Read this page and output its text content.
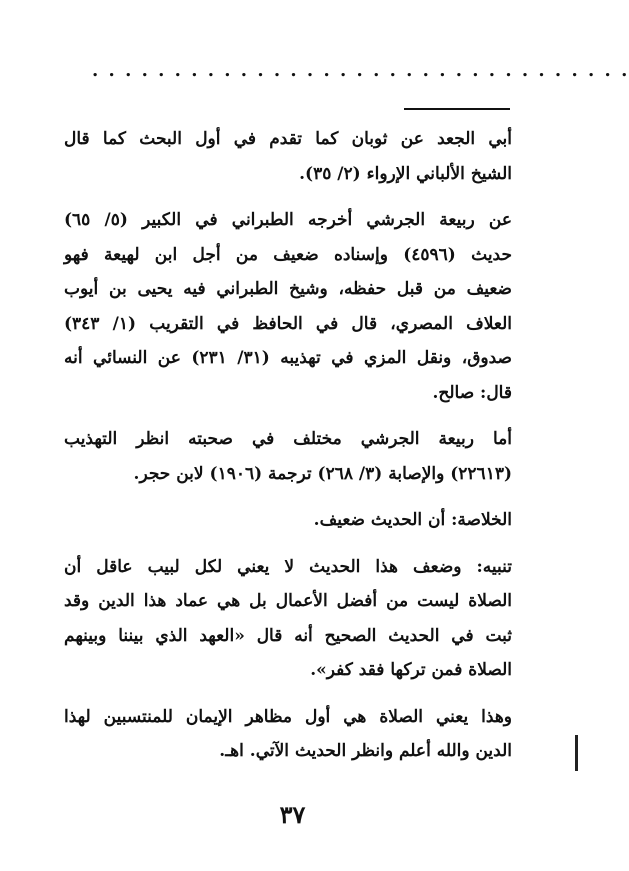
. . . . . . . . . . . . . . . . . . . . . . . . . . . . . . . . .
أبي الجعد عن ثوبان كما تقدم في أول البحث كما قال
الشيخ الألباني الإرواء (٢/ ٣٥).
عن ربيعة الجرشي أخرجه الطبراني في الكبير (٥/ ٦٥)
حديث (٤٥٩٦) وإسناده ضعيف من أجل ابن لهيعة فهو
ضعيف من قبل حفظه، وشيخ الطبراني فيه يحيى بن أيوب
العلاف المصري، قال في الحافظ في التقريب (١/ ٣٤٣)
صدوق، ونقل المزي في تهذيبه (٣١/ ٢٣١) عن النسائي أنه
قال: صالح.
أما ربيعة الجرشي مختلف في صحبته انظر التهذيب
(٢٢٦١٣) والإصابة (٣/ ٢٦٨) ترجمة (١٩٠٦) لابن حجر.
الخلاصة: أن الحديث ضعيف.
تنبيه: وضعف هذا الحديث لا يعني لكل لبيب عاقل أن
الصلاة ليست من أفضل الأعمال بل هي عماد هذا الدين وقد
ثبت في الحديث الصحيح أنه قال «العهد الذي بيننا وبينهم
الصلاة فمن تركها فقد كفر».
وهذا يعني الصلاة هي أول مظاهر الإيمان للمنتسبين لهذا
الدين والله أعلم وانظر الحديث الآتي. اهـ.
٣٧
